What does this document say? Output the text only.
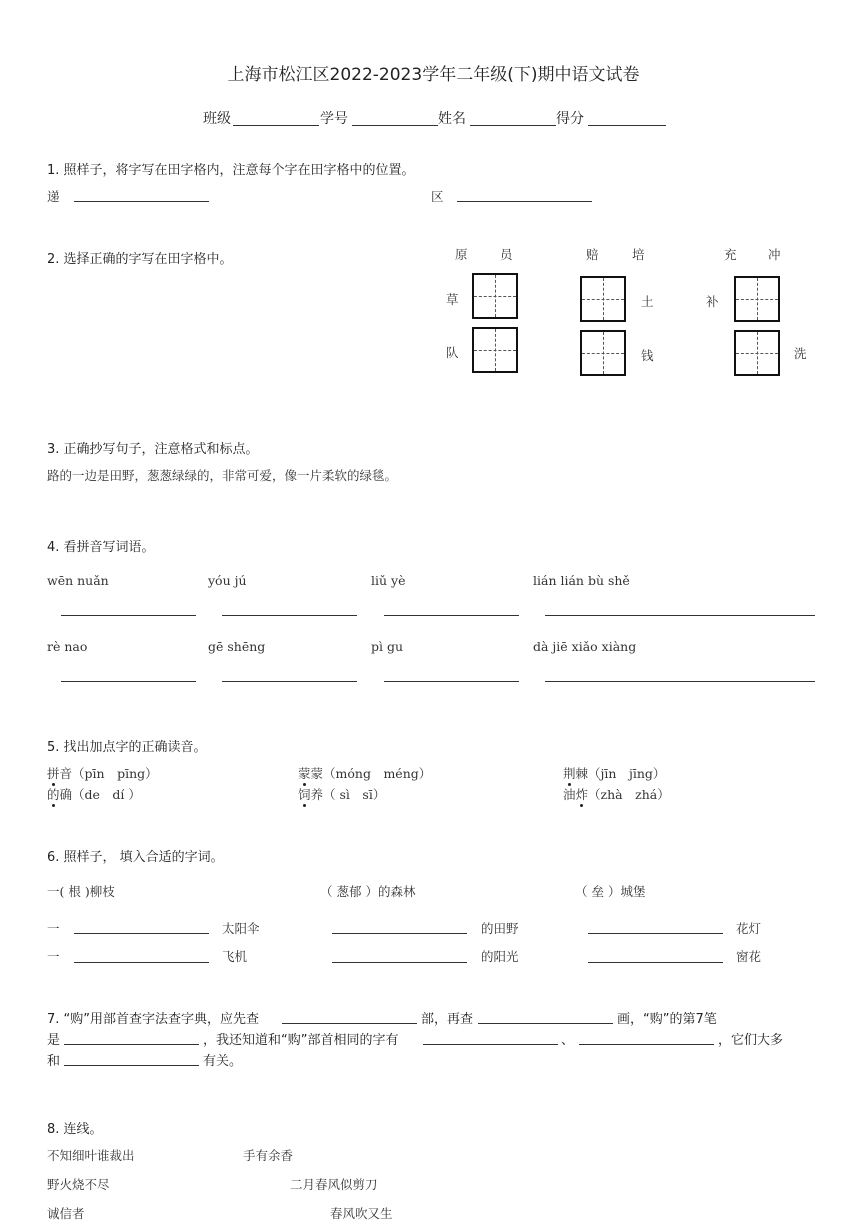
上海市松江区2022-2023学年二年级(下)期中语文试卷
班级	学号	姓名	得分
1. 照样子，将字写在田字格内，注意每个字在田字格中的位置。
递	区
2. 选择正确的字写在田字格中。	原	员
草
队
赔	培
土
钱
充	冲
补
洗
3. 正确抄写句子，注意格式和标点。
路的一边是田野，葱葱绿绿的，非常可爱，像一片柔软的绿毯。
4. 看拼音写词语。
wēn nuǎn	yóu jú	liǔ yè	lián lián bù shě
rè nao	gē shēng	pì gu	dà jiē xiǎo xiàng
5. 找出加点字的正确读音。
拼音（pīn　pīng）	蒙蒙（móng　méng）	荆棘（jīn　jīng）
的确（de　dí ）	饲养（ sì　sī）	油炸（zhà　zhá）
6. 照样子， 填入合适的字词。
一( 根 )柳枝	（ 葱郁 ）的森林	（ 垒 ）城堡
一	太阳伞	的田野	花灯
一	飞机	的阳光	窗花
7. “购”用部首查字法查字典，应先查	部，再查	画，“购”的第7笔
是	，我还知道和“购”部首相同的字有	、	，它们大多
和	有关。
8. 连线。
不知细叶谁裁出	手有余香
野火烧不尽	二月春风似剪刀
诚信者	春风吹又生
